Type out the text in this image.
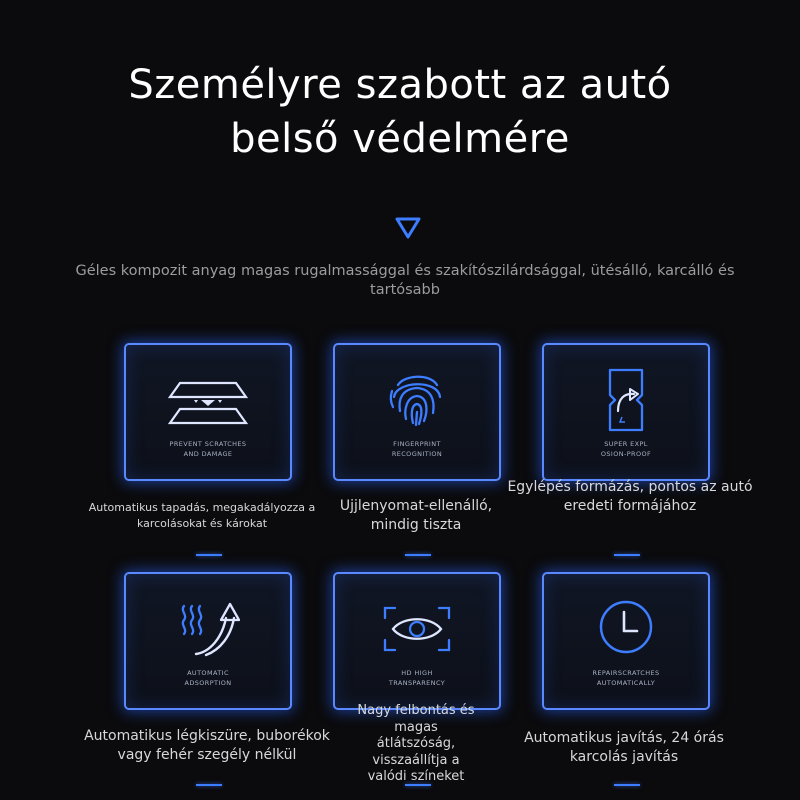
Személyre szabott az autó
belső védelmére
Géles kompozit anyag magas rugalmassággal és szakítószilárdsággal, ütésálló, karcálló és tartósabb
PREVENT SCRATCHES
AND DAMAGE
FINGERPRINT
RECOGNITION
SUPER EXPL
OSION-PROOF
Automatikus tapadás, megakadályozza a karcolásokat és károkat
Ujjlenyomat-ellenálló, mindig tiszta
Egylépés formázás, pontos az autó eredeti formájához
AUTOMATIC
ADSORPTION
HD HIGH
TRANSPARENCY
REPAIRSCRATCHES
AUTOMATICALLY
Automatikus légkiszüre, buborékok vagy fehér szegély nélkül
Nagy felbontás és magas átlátszóság, visszaállítja a valódi színeket
Automatikus javítás, 24 órás karcolás javítás
